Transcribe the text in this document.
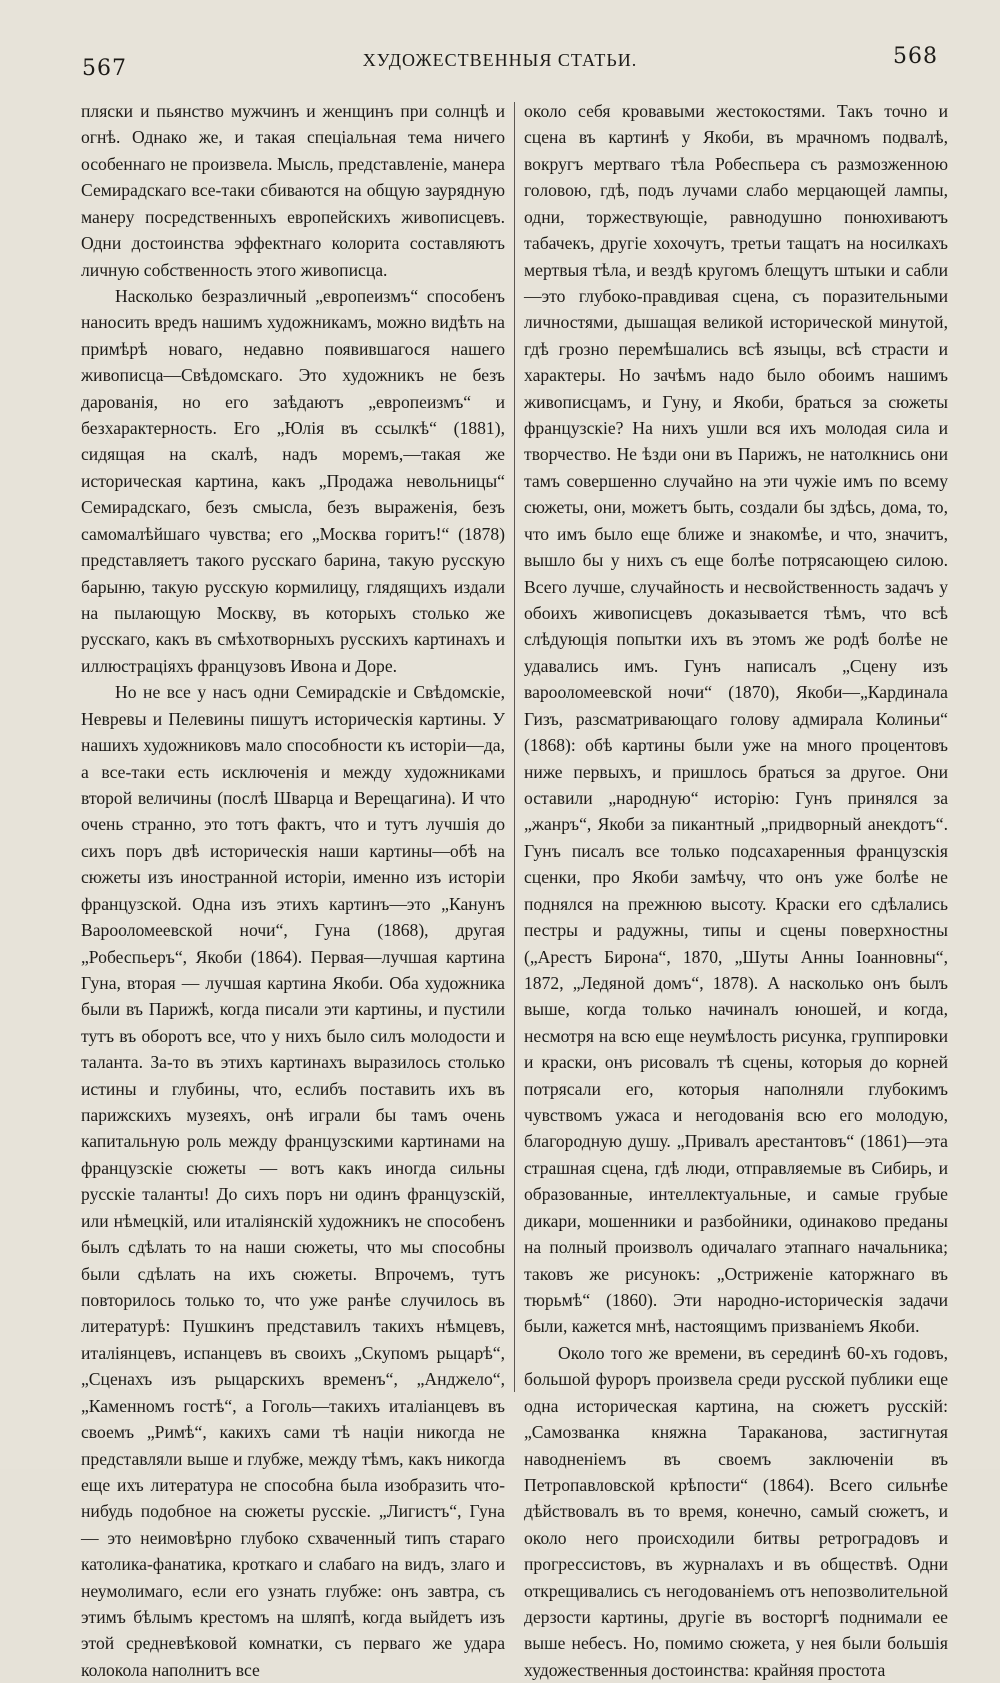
567	ХУДОЖЕСТВЕННЫЯ СТАТЬИ.	568

пляски и пьянство мужчинъ и женщинъ при солнцѣ и огнѣ. Однако же, и такая спеціальная тема ничего особеннаго не произвела. Мысль, представленіе, манера Семирадскаго все-таки сбиваются на общую заурядную манеру посредственныхъ европейскихъ живописцевъ. Одни достоинства эффектнаго колорита составляютъ личную собственность этого живописца.

Насколько безразличный „европеизмъ“ способенъ наносить вредъ нашимъ художникамъ, можно видѣть на примѣрѣ новаго, недавно появившагося нашего живописца—Свѣдомскаго. Это художникъ не безъ дарованія, но его заѣдаютъ „европеизмъ“ и безхарактерность. Его „Юлія въ ссылкѣ“ (1881), сидящая на скалѣ, надъ моремъ,—такая же историческая картина, какъ „Продажа невольницы“ Семирадскаго, безъ смысла, безъ выраженія, безъ самомалѣйшаго чувства; его „Москва горитъ!“ (1878) представляетъ такого русскаго барина, такую русскую барыню, такую русскую кормилицу, глядящихъ издали на пылающую Москву, въ которыхъ столько же русскаго, какъ въ смѣхотворныхъ русскихъ картинахъ и иллюстраціяхъ французовъ Ивона и Доре.

Но не все у насъ одни Семирадскіе и Свѣдомскіе, Невревы и Пелевины пишутъ историческія картины. У нашихъ художниковъ мало способности къ исторіи—да, а все-таки есть исключенія и между художниками второй величины (послѣ Шварца и Верещагина). И что очень странно, это тотъ фактъ, что и тутъ лучшія до сихъ поръ двѣ историческія наши картины—обѣ на сюжеты изъ иностранной исторіи, именно изъ исторіи французской. Одна изъ этихъ картинъ—это „Канунъ Варооломеевской ночи“, Гуна (1868), другая „Робеспьеръ“, Якоби (1864). Первая—лучшая картина Гуна, вторая — лучшая картина Якоби. Оба художника были въ Парижѣ, когда писали эти картины, и пустили тутъ въ оборотъ все, что у нихъ было силъ молодости и таланта. За-то въ этихъ картинахъ выразилось столько истины и глубины, что, еслибъ поставить ихъ въ парижскихъ музеяхъ, онѣ играли бы тамъ очень капитальную роль между французскими картинами на французскіе сюжеты — вотъ какъ иногда сильны русскіе таланты! До сихъ поръ ни одинъ французскій, или нѣмецкій, или италіянскій художникъ не способенъ былъ сдѣлать то на наши сюжеты, что мы способны были сдѣлать на ихъ сюжеты. Впрочемъ, тутъ повторилось только то, что уже ранѣе случилось въ литературѣ: Пушкинъ представилъ такихъ нѣмцевъ, италіянцевъ, испанцевъ въ своихъ „Скупомъ рыцарѣ“, „Сценахъ изъ рыцарскихъ временъ“, „Анджело“, „Каменномъ гостѣ“, а Гоголь—такихъ италіанцевъ въ своемъ „Римѣ“, какихъ сами тѣ націи никогда не представляли выше и глубже, между тѣмъ, какъ никогда еще ихъ литература не способна была изобразить что-нибудь подобное на сюжеты русскіе. „Лигистъ“, Гуна — это неимовѣрно глубоко схваченный типъ стараго католика-фанатика, кроткаго и слабаго на видъ, злаго и неумолимаго, если его узнать глубже: онъ завтра, съ этимъ бѣлымъ крестомъ на шляпѣ, когда выйдетъ изъ этой средневѣковой комнатки, съ перваго же удара колокола наполнитъ все

около себя кровавыми жестокостями. Такъ точно и сцена въ картинѣ у Якоби, въ мрачномъ подвалѣ, вокругъ мертваго тѣла Робеспьера съ размозженною головою, гдѣ, подъ лучами слабо мерцающей лампы, одни, торжествующіе, равнодушно понюхиваютъ табачекъ, другіе хохочутъ, третьи тащатъ на носилкахъ мертвыя тѣла, и вездѣ кругомъ блещутъ штыки и сабли—это глубоко-правдивая сцена, съ поразительными личностями, дышащая великой исторической минутой, гдѣ грозно перемѣшались всѣ языцы, всѣ страсти и характеры. Но зачѣмъ надо было обоимъ нашимъ живописцамъ, и Гуну, и Якоби, браться за сюжеты французскіе? На нихъ ушли вся ихъ молодая сила и творчество. Не ѣзди они въ Парижъ, не натолкнись они тамъ совершенно случайно на эти чужіе имъ по всему сюжеты, они, можетъ быть, создали бы здѣсь, дома, то, что имъ было еще ближе и знакомѣе, и что, значитъ, вышло бы у нихъ съ еще болѣе потрясающею силою. Всего лучше, случайность и несвойственность задачъ у обоихъ живописцевъ доказывается тѣмъ, что всѣ слѣдующія попытки ихъ въ этомъ же родѣ болѣе не удавались имъ. Гунъ написалъ „Сцену изъ варооломеевской ночи“ (1870), Якоби—„Кардинала Гизъ, разсматривающаго голову адмирала Колиньи“ (1868): обѣ картины были уже на много процентовъ ниже первыхъ, и пришлось браться за другое. Они оставили „народную“ исторію: Гунъ принялся за „жанръ“, Якоби за пикантный „придворный анекдотъ“. Гунъ писалъ все только подсахаренныя французскія сценки, про Якоби замѣчу, что онъ уже болѣе не поднялся на прежнюю высоту. Краски его сдѣлались пестры и радужны, типы и сцены поверхностны („Арестъ Бирона“, 1870, „Шуты Анны Іоанновны“, 1872, „Ледяной домъ“, 1878). А насколько онъ былъ выше, когда только начиналъ юношей, и когда, несмотря на всю еще неумѣлость рисунка, группировки и краски, онъ рисовалъ тѣ сцены, которыя до корней потрясали его, которыя наполняли глубокимъ чувствомъ ужаса и негодованія всю его молодую, благородную душу. „Привалъ арестантовъ“ (1861)—эта страшная сцена, гдѣ люди, отправляемые въ Сибирь, и образованные, интеллектуальные, и самые грубые дикари, мошенники и разбойники, одинаково преданы на полный произволъ одичалаго этапнаго начальника; таковъ же рисунокъ: „Остриженіе каторжнаго въ тюрьмѣ“ (1860). Эти народно-историческія задачи были, кажется мнѣ, настоящимъ призваніемъ Якоби.

Около того же времени, въ серединѣ 60-хъ годовъ, большой фуроръ произвела среди русской публики еще одна историческая картина, на сюжетъ русскій: „Самозванка княжна Тараканова, застигнутая наводненіемъ въ своемъ заключеніи въ Петропавловской крѣпости“ (1864). Всего сильнѣе дѣйствовалъ въ то время, конечно, самый сюжетъ, и около него происходили битвы ретроградовъ и прогрессистовъ, въ журналахъ и въ обществѣ. Одни открещивались съ негодованіемъ отъ непозволительной дерзости картины, другіе въ восторгѣ поднимали ее выше небесъ. Но, помимо сюжета, у нея были большія художественныя достоинства: крайняя простота
